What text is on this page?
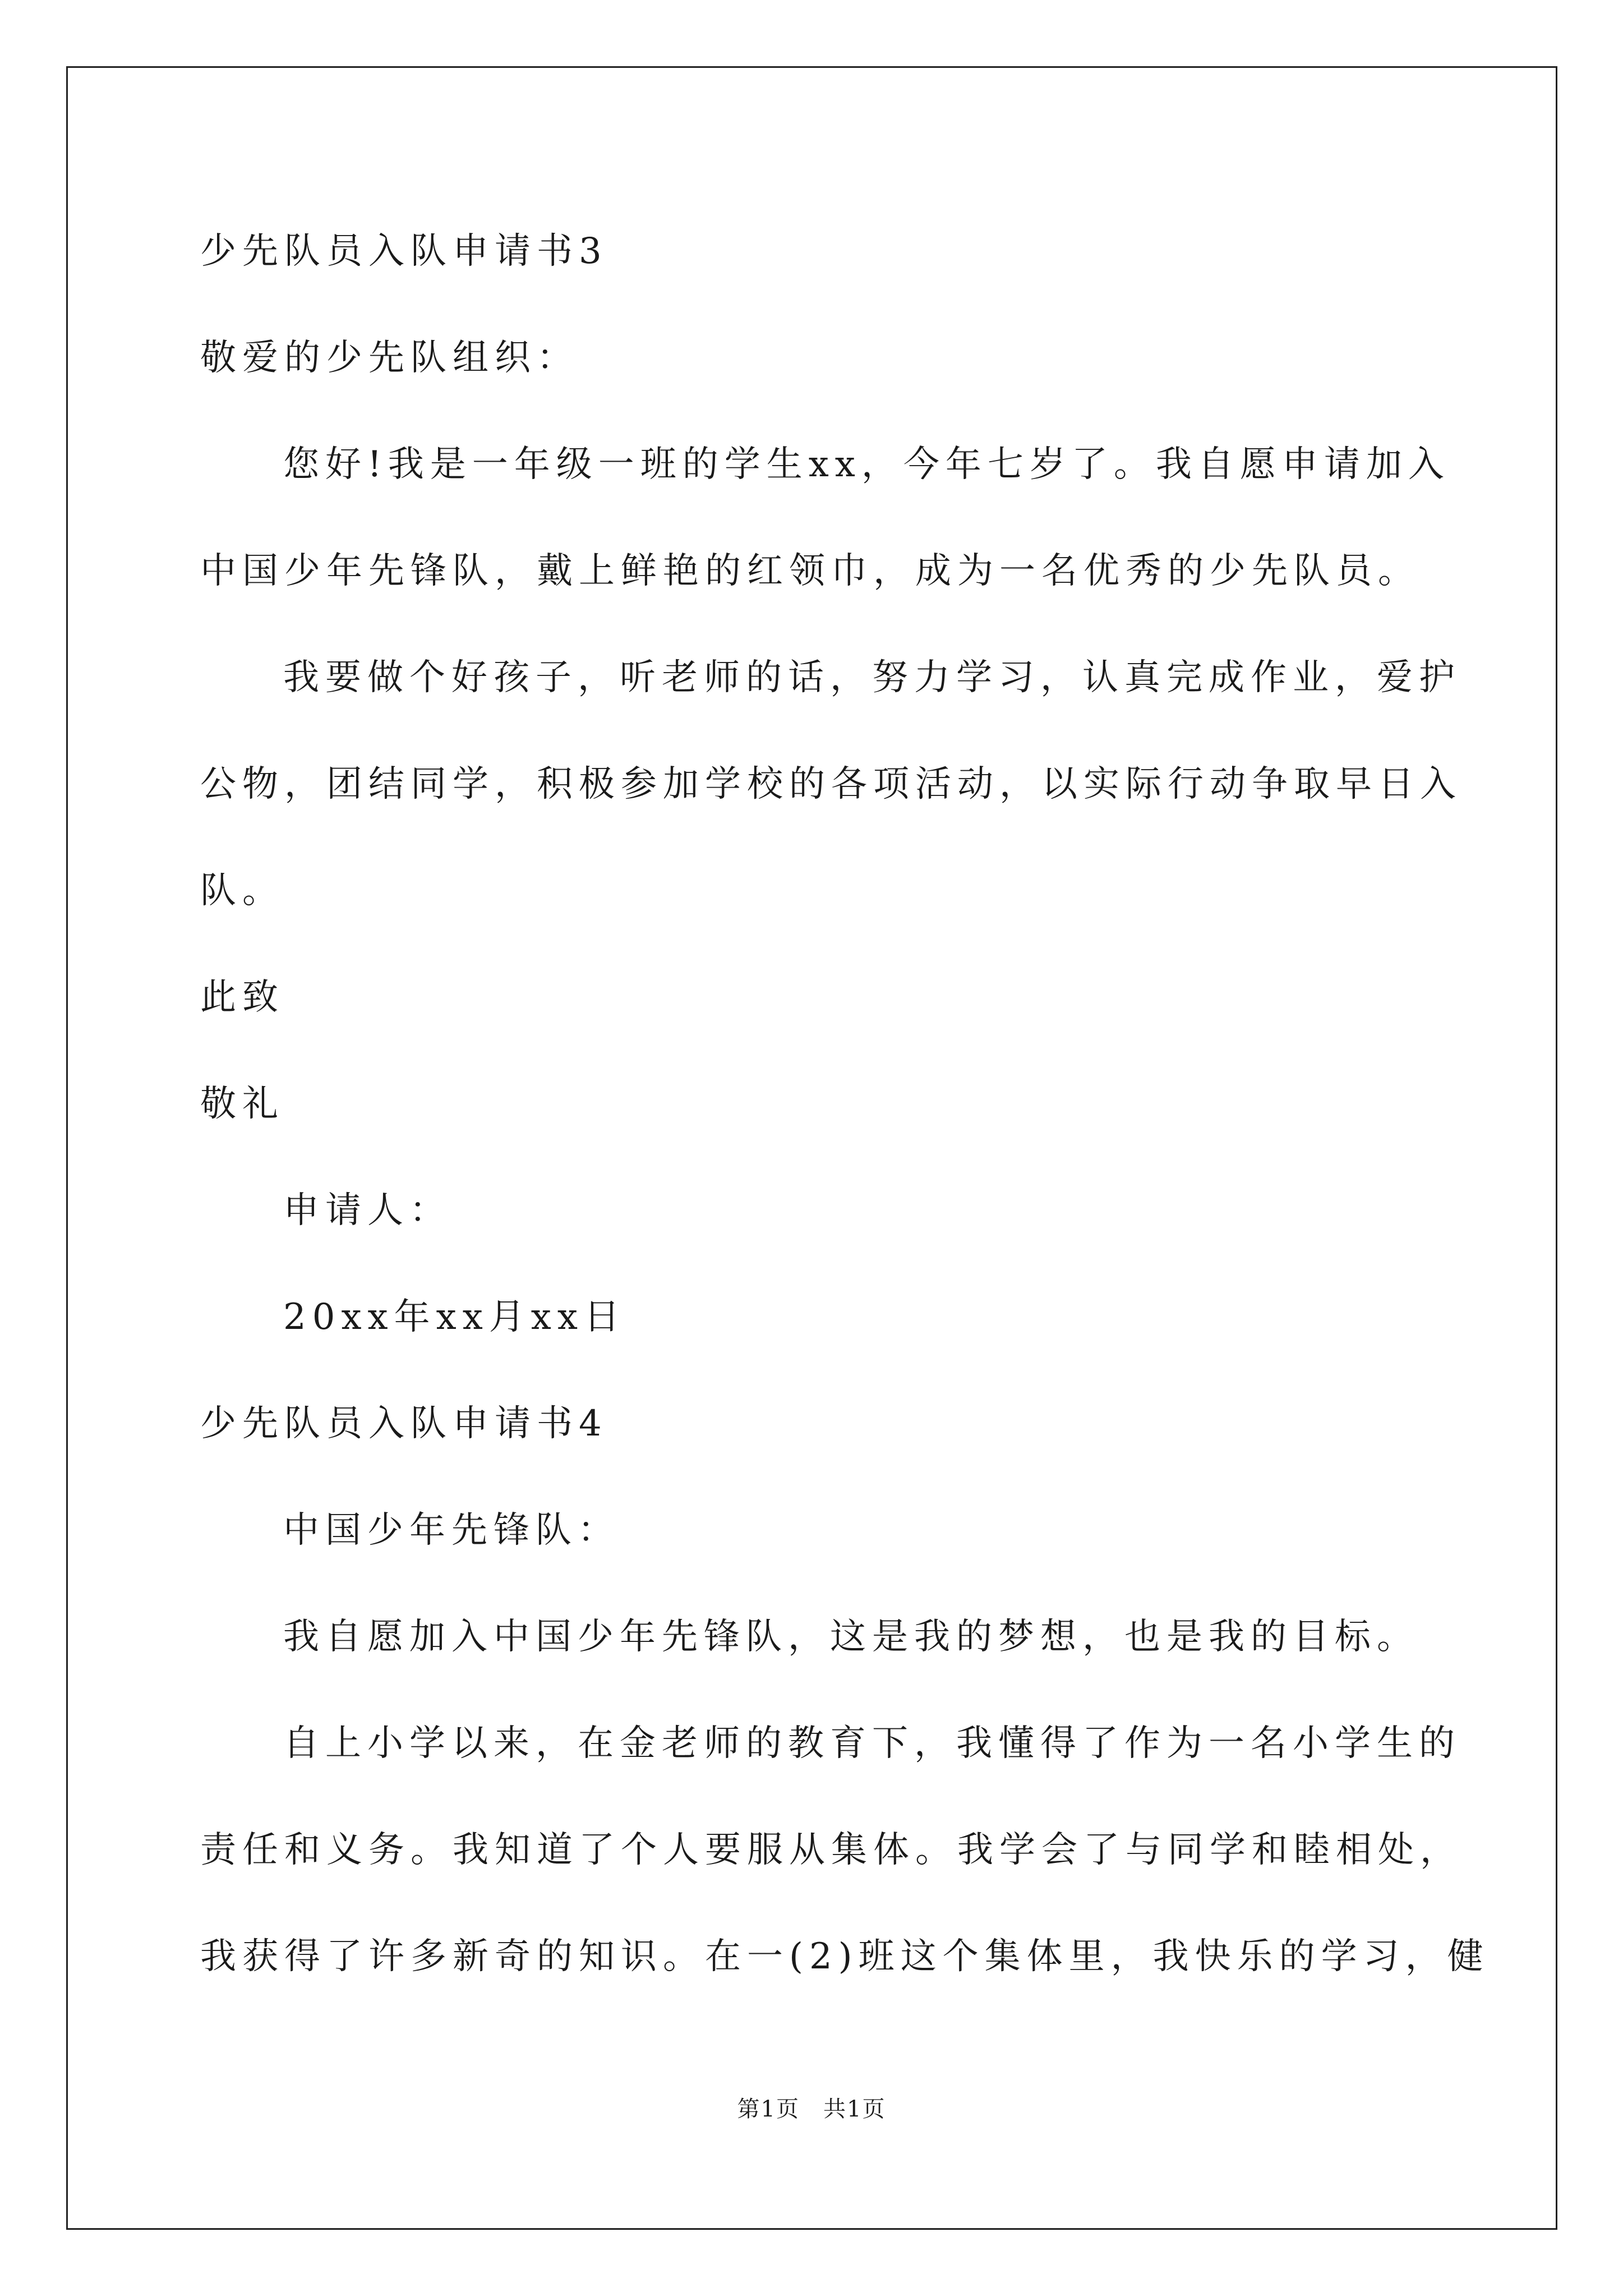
少先队员入队申请书3
敬爱的少先队组织：
您好!我是一年级一班的学生xx，今年七岁了。我自愿申请加入
中国少年先锋队，戴上鲜艳的红领巾，成为一名优秀的少先队员。
我要做个好孩子，听老师的话，努力学习，认真完成作业，爱护
公物，团结同学，积极参加学校的各项活动，以实际行动争取早日入
队。
此致
敬礼
申请人：
20xx年xx月xx日
少先队员入队申请书4
中国少年先锋队：
我自愿加入中国少年先锋队，这是我的梦想，也是我的目标。
自上小学以来，在金老师的教育下，我懂得了作为一名小学生的
责任和义务。我知道了个人要服从集体。我学会了与同学和睦相处，
我获得了许多新奇的知识。在一(2)班这个集体里，我快乐的学习，健
第1页　共1页
